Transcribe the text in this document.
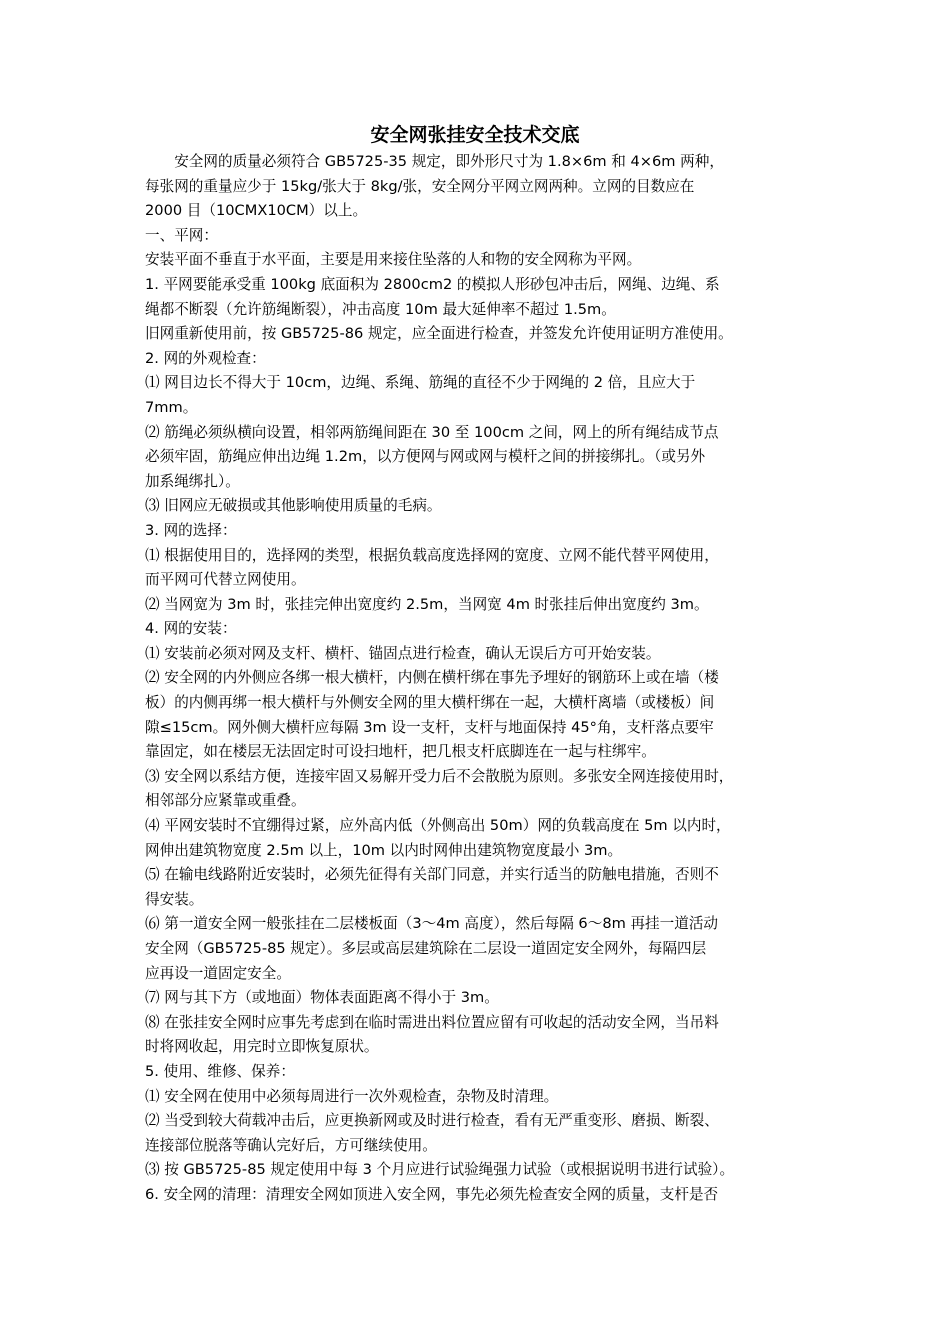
安全网张挂安全技术交底
　　安全网的质量必须符合 GB5725-35 规定，即外形尺寸为 1.8×6m 和 4×6m 两种，
每张网的重量应少于 15kg/张大于 8kg/张，安全网分平网立网两种。立网的目数应在
2000 目（10CMX10CM）以上。
一、平网：
安装平面不垂直于水平面，主要是用来接住坠落的人和物的安全网称为平网。
1. 平网要能承受重 100kg 底面积为 2800cm2 的模拟人形砂包冲击后，网绳、边绳、系
绳都不断裂（允许筋绳断裂），冲击高度 10m 最大延伸率不超过 1.5m。
旧网重新使用前，按 GB5725-86 规定，应全面进行检查，并签发允许使用证明方准使用。
2. 网的外观检查：
⑴ 网目边长不得大于 10cm，边绳、系绳、筋绳的直径不少于网绳的 2 倍，且应大于
7mm。
⑵ 筋绳必须纵横向设置，相邻两筋绳间距在 30 至 100cm 之间，网上的所有绳结成节点
必须牢固，筋绳应伸出边绳 1.2m，以方便网与网或网与模杆之间的拼接绑扎。（或另外
加系绳绑扎）。
⑶ 旧网应无破损或其他影响使用质量的毛病。
3. 网的选择：
⑴ 根据使用目的，选择网的类型，根据负载高度选择网的宽度、立网不能代替平网使用，
而平网可代替立网使用。
⑵ 当网宽为 3m 时，张挂完伸出宽度约 2.5m，当网宽 4m 时张挂后伸出宽度约 3m。
4. 网的安装：
⑴ 安装前必须对网及支杆、横杆、锚固点进行检查，确认无误后方可开始安装。
⑵ 安全网的内外侧应各绑一根大横杆，内侧在横杆绑在事先予埋好的钢筋环上或在墙（楼
板）的内侧再绑一根大横杆与外侧安全网的里大横杆绑在一起，大横杆离墙（或楼板）间
隙≤15cm。网外侧大横杆应每隔 3m 设一支杆，支杆与地面保持 45°角，支杆落点要牢
靠固定，如在楼层无法固定时可设扫地杆，把几根支杆底脚连在一起与柱绑牢。
⑶ 安全网以系结方便，连接牢固又易解开受力后不会散脱为原则。多张安全网连接使用时，
相邻部分应紧靠或重叠。
⑷ 平网安装时不宜绷得过紧，应外高内低（外侧高出 50m）网的负载高度在 5m 以内时，
网伸出建筑物宽度 2.5m 以上，10m 以内时网伸出建筑物宽度最小 3m。
⑸ 在输电线路附近安装时，必须先征得有关部门同意，并实行适当的防触电措施，否则不
得安装。
⑹ 第一道安全网一般张挂在二层楼板面（3～4m 高度），然后每隔 6～8m 再挂一道活动
安全网（GB5725-85 规定）。多层或高层建筑除在二层设一道固定安全网外，每隔四层
应再设一道固定安全。
⑺ 网与其下方（或地面）物体表面距离不得小于 3m。
⑻ 在张挂安全网时应事先考虑到在临时需进出料位置应留有可收起的活动安全网，当吊料
时将网收起，用完时立即恢复原状。
5. 使用、维修、保养：
⑴ 安全网在使用中必须每周进行一次外观检查，杂物及时清理。
⑵ 当受到较大荷载冲击后，应更换新网或及时进行检查，看有无严重变形、磨损、断裂、
连接部位脱落等确认完好后，方可继续使用。
⑶ 按 GB5725-85 规定使用中每 3 个月应进行试验绳强力试验（或根据说明书进行试验）。
6. 安全网的清理：清理安全网如顶进入安全网，事先必须先检查安全网的质量，支杆是否
